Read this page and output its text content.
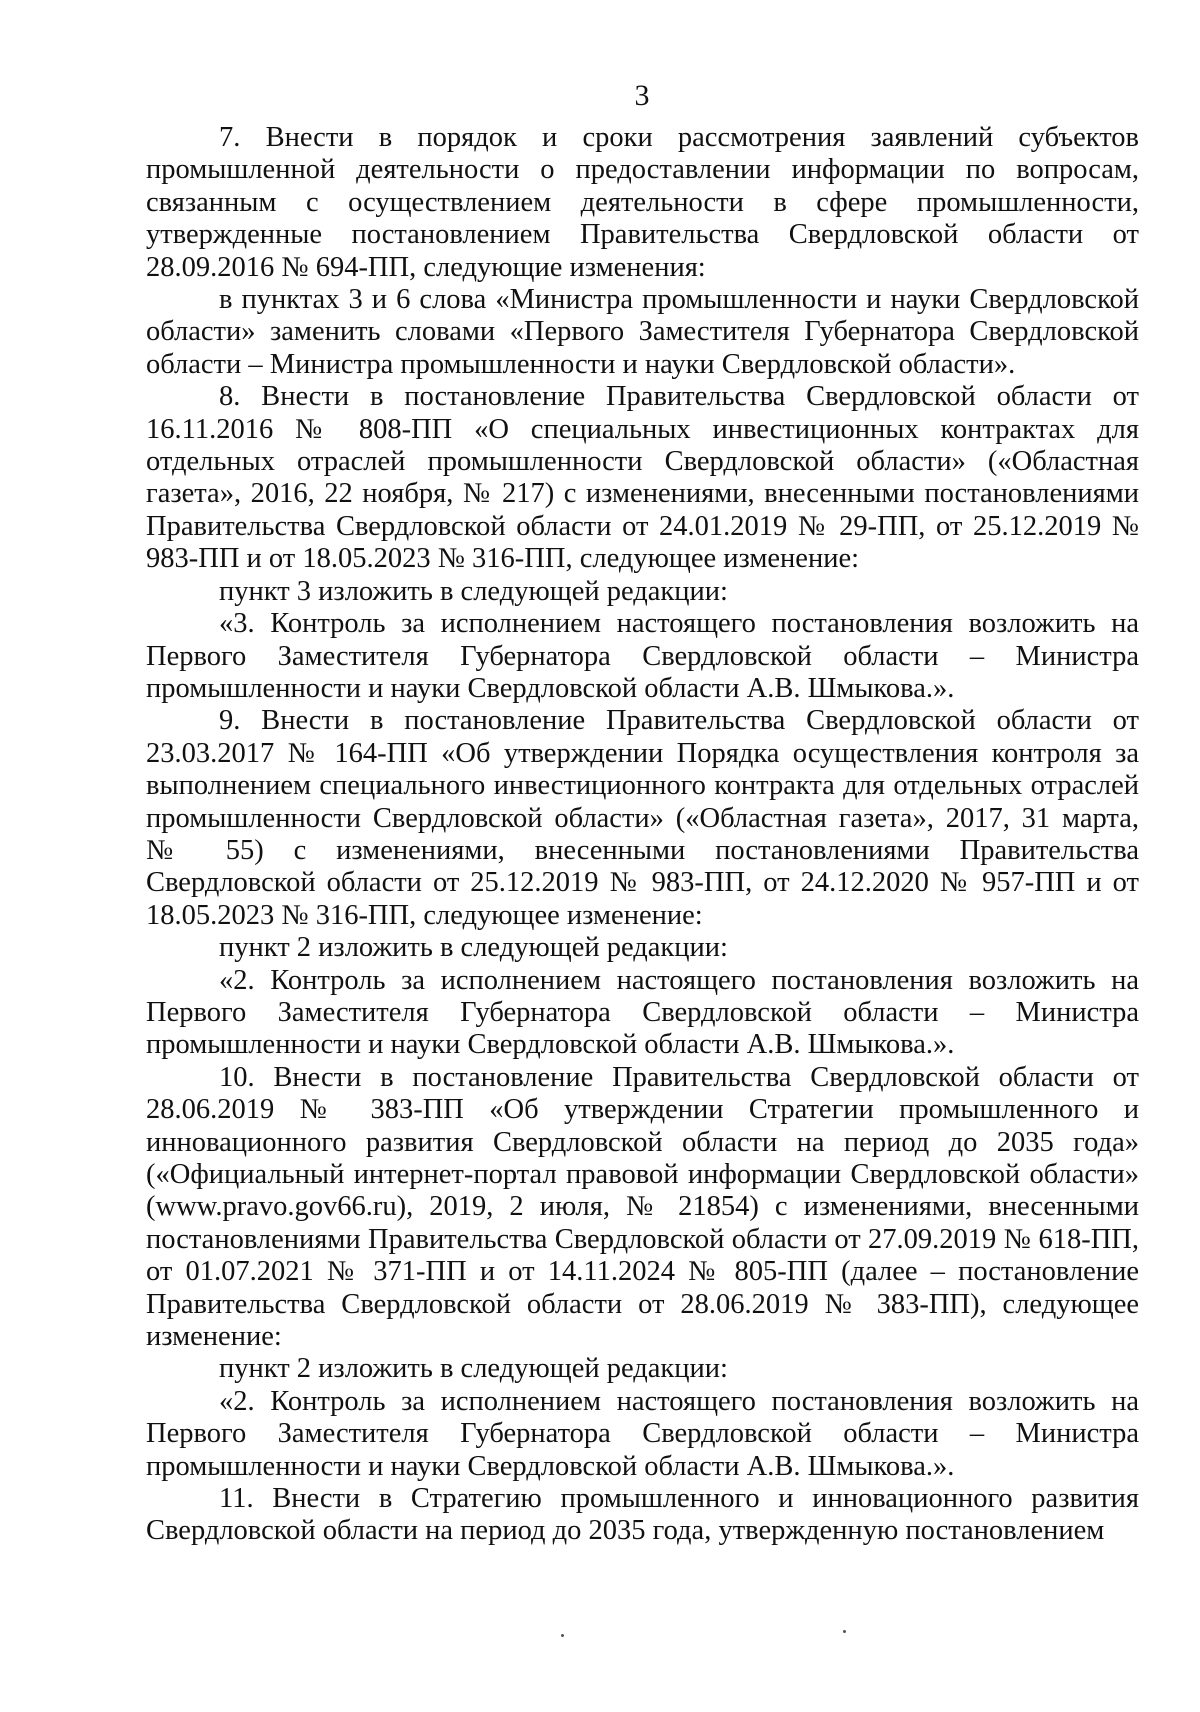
3

7. Внести в порядок и сроки рассмотрения заявлений субъектов промышленной деятельности о предоставлении информации по вопросам, связанным с осуществлением деятельности в сфере промышленности, утвержденные постановлением Правительства Свердловской области от 28.09.2016 № 694-ПП, следующие изменения:

в пунктах 3 и 6 слова «Министра промышленности и науки Свердловской области» заменить словами «Первого Заместителя Губернатора Свердловской области – Министра промышленности и науки Свердловской области».

8. Внести в постановление Правительства Свердловской области от 16.11.2016 № 808-ПП «О специальных инвестиционных контрактах для отдельных отраслей промышленности Свердловской области» («Областная газета», 2016, 22 ноября, № 217) с изменениями, внесенными постановлениями Правительства Свердловской области от 24.01.2019 № 29-ПП, от 25.12.2019 № 983-ПП и от 18.05.2023 № 316-ПП, следующее изменение:

пункт 3 изложить в следующей редакции:

«3. Контроль за исполнением настоящего постановления возложить на Первого Заместителя Губернатора Свердловской области – Министра промышленности и науки Свердловской области А.В. Шмыкова.».

9. Внести в постановление Правительства Свердловской области от 23.03.2017 № 164-ПП «Об утверждении Порядка осуществления контроля за выполнением специального инвестиционного контракта для отдельных отраслей промышленности Свердловской области» («Областная газета», 2017, 31 марта, № 55) с изменениями, внесенными постановлениями Правительства Свердловской области от 25.12.2019 № 983-ПП, от 24.12.2020 № 957-ПП и от 18.05.2023 № 316-ПП, следующее изменение:

пункт 2 изложить в следующей редакции:

«2. Контроль за исполнением настоящего постановления возложить на Первого Заместителя Губернатора Свердловской области – Министра промышленности и науки Свердловской области А.В. Шмыкова.».

10. Внести в постановление Правительства Свердловской области от 28.06.2019 № 383-ПП «Об утверждении Стратегии промышленного и инновационного развития Свердловской области на период до 2035 года» («Официальный интернет-портал правовой информации Свердловской области» (www.pravo.gov66.ru), 2019, 2 июля, № 21854) с изменениями, внесенными постановлениями Правительства Свердловской области от 27.09.2019 № 618-ПП, от 01.07.2021 № 371-ПП и от 14.11.2024 № 805-ПП (далее – постановление Правительства Свердловской области от 28.06.2019 № 383-ПП), следующее изменение:

пункт 2 изложить в следующей редакции:

«2. Контроль за исполнением настоящего постановления возложить на Первого Заместителя Губернатора Свердловской области – Министра промышленности и науки Свердловской области А.В. Шмыкова.».

11. Внести в Стратегию промышленного и инновационного развития Свердловской области на период до 2035 года, утвержденную постановлением
